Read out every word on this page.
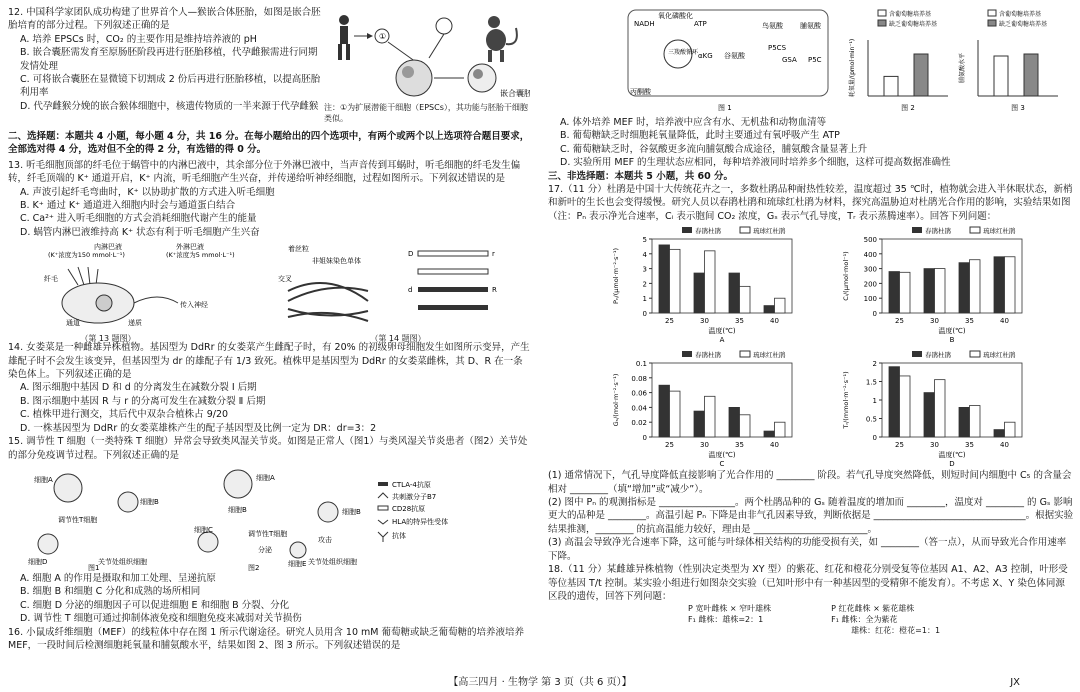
12. 中国科学家团队成功构建了世界首个人—猴嵌合体胚胎，如图是嵌合胚胎培育的部分过程。下列叙述正确的是

A. 培养 EPSCs 时，CO₂ 的主要作用是维持培养液的 pH

B. 嵌合囊胚需发育至原肠胚阶段再进行胚胎移植，代孕雌猴需进行同期发情处理

C. 可将嵌合囊胚在显微镜下切割成 2 份后再进行胚胎移植，以提高胚胎利用率

D. 代孕雌猴分娩的嵌合猴体细胞中，核遗传物质的一半来源于代孕雌猴

①
嵌合囊胚

注：①为扩展潜能干细胞（EPSCs），其功能与胚胎干细胞类似。

二、选择题：本题共 4 小题，每小题 4 分，共 16 分。在每小题给出的四个选项中，有两个或两个以上选项符合题目要求，全部选对得 4 分，选对但不全的得 2 分，有选错的得 0 分。

13. 听毛细胞顶部的纤毛位于蜗管中的内淋巴液中，其余部分位于外淋巴液中，当声音传到耳蜗时，听毛细胞的纤毛发生偏转，纤毛顶端的 K⁺ 通道开启，K⁺ 内流，听毛细胞产生兴奋，并传递给听神经细胞，过程如图所示。下列叙述错误的是

A. 声波引起纤毛弯曲时，K⁺ 以协助扩散的方式进入听毛细胞

B. K⁺ 通过 K⁺ 通道进入细胞内时会与通道蛋白结合

C. Ca²⁺ 进入听毛细胞的方式会消耗细胞代谢产生的能量

D. 蜗管内淋巴液维持高 K⁺ 状态有利于听毛细胞产生兴奋

内淋巴液
(K⁺浓度为150 mmol·L⁻¹)
外淋巴液
(K⁺浓度为5 mmol·L⁻¹)
纤毛
传入神经
通道	递质

（第 13 题图）

着丝粒
非姐妹染色单体
交叉
D	r
d	R

（第 14 题图）

14. 女娄菜是一种雌雄异株植物。基因型为 DdRr 的女娄菜产生雌配子时，有 20% 的初级卵母细胞发生如图所示变异，产生雄配子时不会发生该变异，但基因型为 dr 的雄配子有 1/3 致死。植株甲是基因型为 DdRr 的女娄菜雌株，其 D、R 在一条染色体上。下列叙述正确的是

A. 图示细胞中基因 D 和 d 的分离发生在减数分裂 Ⅰ 后期

B. 图示细胞中基因 R 与 r 的分离可发生在减数分裂 Ⅱ 后期

C. 植株甲进行测交，其后代中双杂合植株占 9/20

D. 一株基因型为 DdRr 的女娄菜雄株产生的配子基因型及比例一定为 DR：dr=3：2

15. 调节性 T 细胞（一类特殊 T 细胞）异常会导致类风湿关节炎。如图是正常人（图1）与类风湿关节炎患者（图2）关节处的部分免疫调节过程。下列叙述正确的是

细胞A
细胞B
调节性T细胞
细胞D	关节处组织细胞
图1
细胞A
细胞B
细胞C	调节性T细胞
分泌
细胞E
攻击
关节处组织细胞
细胞B
图2
CTLA-4抗原
共刺激分子B7
CD28抗原
HLA的特异性受体
抗体

A. 细胞 A 的作用是摄取和加工处理、呈递抗原

B. 细胞 B 和细胞 C 分化和成熟的场所相同

C. 细胞 D 分泌的细胞因子可以促进细胞 E 和细胞 B 分裂、分化

D. 调节性 T 细胞可通过抑制体液免疫和细胞免疫来减弱对关节损伤

16. 小鼠成纤维细胞（MEF）的线粒体中存在图 1 所示代谢途径。研究人员用含 10 mM 葡萄糖或缺乏葡萄糖的培养液培养 MEF，一段时间后检测细胞耗氧量和脯氨酸水平，结果如图 2、图 3 所示。下列叙述错误的是

NADH
氧化磷酸化
ATP
三羧酸循环
丙酮酸
αKG 谷氨酸
P5CS
GSA P5C
鸟氨酸 脯氨酸
图 1
含葡萄糖培养基
缺乏葡萄糖培养基
耗氧量/(pmol·min⁻¹)
图 2
含葡萄糖培养基
缺乏葡萄糖培养基
脯氨酸水平
图 3

A. 体外培养 MEF 时，培养液中应含有水、无机盐和动物血清等

B. 葡萄糖缺乏时细胞耗氧量降低，此时主要通过有氧呼吸产生 ATP

C. 葡萄糖缺乏时，谷氨酸更多流向脯氨酸合成途径，脯氨酸含量显著上升

D. 实验所用 MEF 的生理状态应相同，每种培养液同时培养多个细胞，这样可提高数据准确性

三、非选择题：本题共 5 小题，共 60 分。

17.（11 分）杜鹃是中国十大传统花卉之一，多数杜鹃品种耐热性较差，温度超过 35 ℃时，植物就会进入半休眠状态，新梢和新叶的生长也会变得缓慢。研究人员以春鹃杜鹃和琉球红杜鹃为材料，探究高温胁迫对杜鹃光合作用的影响，实验结果如图（注：Pₙ 表示净光合速率，Cᵢ 表示胞间 CO₂ 浓度，Gₛ 表示气孔导度，Tᵣ 表示蒸腾速率）。回答下列问题：

0
1
2
3
4
5
25	30	35	40
Pₙ/(μmol·m⁻²·s⁻¹)
温度(℃)
A
春鹃杜鹃	琉球红杜鹃
0
100
200
300
400
500
25	30	35	40
Cᵢ/(μmol·mol⁻¹)
温度(℃)
B
春鹃杜鹃	琉球红杜鹃
0
0.02
0.04
0.06
0.08
0.1
25	30	35	40
Gₛ/(mol·m⁻²·s⁻¹)
温度(℃)
C
春鹃杜鹃	琉球红杜鹃
0
0.5
1
1.5
2
25	30	35	40
Tᵣ/(mmol·m⁻²·s⁻¹)
温度(℃)
D
春鹃杜鹃	琉球红杜鹃

(1) 通常情况下，气孔导度降低直接影响了光合作用的 ________ 阶段。若气孔导度突然降低，则短时间内细胞中 C₅ 的含量会相对 ________（填“增加”或“减少”）。

(2) 图中 Pₙ 的观测指标是 ________________。两个杜鹃品种的 Gₛ 随着温度的增加而 ________，温度对 ________ 的 Gₛ 影响更大的品种是 ________。高温引起 Pₙ 下降是由非气孔因素导致，判断依据是 ________________________________。根据实验结果推测，________ 的抗高温能力较好，理由是 ________________________。

(3) 高温会导致净光合速率下降，这可能与叶绿体相关结构的功能受损有关，如 ________（答一点），从而导致光合作用速率下降。

18.（11 分）某雌雄异株植物（性别决定类型为 XY 型）的紫花、红花和橙花分别受复等位基因 A1、A2、A3 控制，叶形受等位基因 T/t 控制。某实验小组进行如图杂交实验（已知叶形中有一种基因型的受精卵不能发育）。不考虑 X、Y 染色体同源区段的遗传，回答下列问题：

P 宽叶雌株 × 窄叶雄株

F₁ 雌株：雄株=2：1

P 红花雌株 × 紫花雄株

F₁ 雌株：全为紫花

雄株：红花：橙花=1：1

【高三四月 · 生物学 第 3 页（共 6 页）】	JX
